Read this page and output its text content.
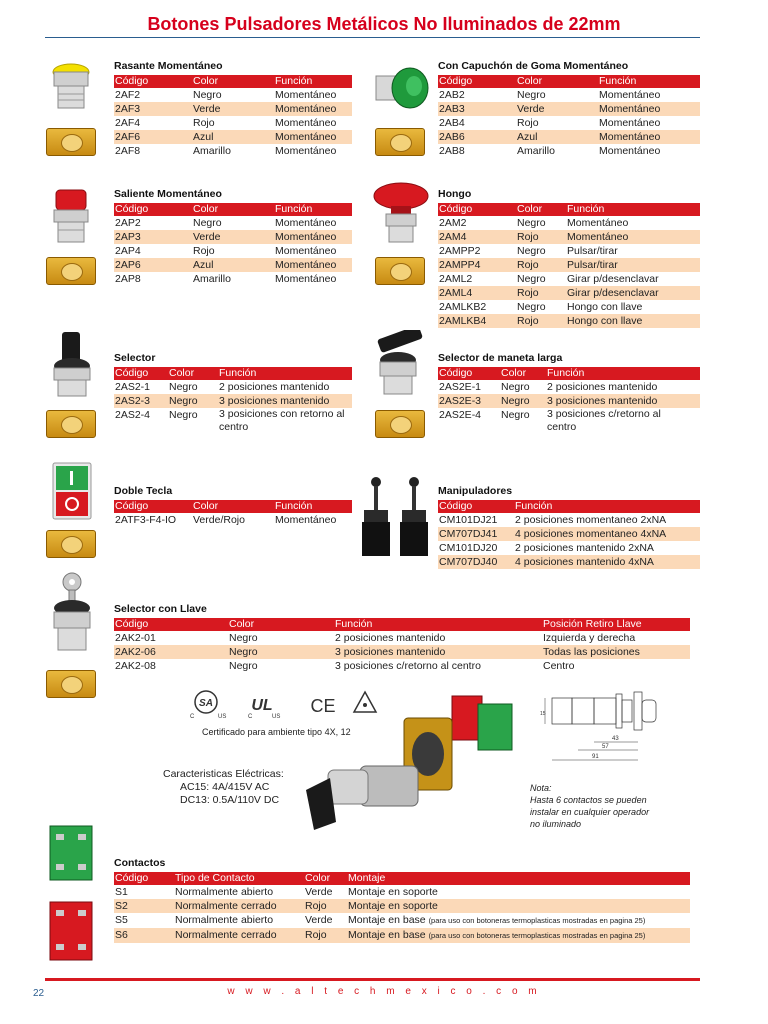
Botones Pulsadores Metálicos No Iluminados de 22mm
Rasante Momentáneo
Código	Color	Función
2AF2	Negro	Momentáneo
2AF3	Verde	Momentáneo
2AF4	Rojo	Momentáneo
2AF6	Azul	Momentáneo
2AF8	Amarillo	Momentáneo
Con Capuchón de Goma Momentáneo
Código	Color	Función
2AB2	Negro	Momentáneo
2AB3	Verde	Momentáneo
2AB4	Rojo	Momentáneo
2AB6	Azul	Momentáneo
2AB8	Amarillo	Momentáneo
Saliente Momentáneo
Código	Color	Función
2AP2	Negro	Momentáneo
2AP3	Verde	Momentáneo
2AP4	Rojo	Momentáneo
2AP6	Azul	Momentáneo
2AP8	Amarillo	Momentáneo
Hongo
Código	Color	Función
2AM2	Negro	Momentáneo
2AM4	Rojo	Momentáneo
2AMPP2	Negro	Pulsar/tirar
2AMPP4	Rojo	Pulsar/tirar
2AML2	Negro	Girar p/desenclavar
2AML4	Rojo	Girar p/desenclavar
2AMLKB2	Negro	Hongo con llave
2AMLKB4	Rojo	Hongo con llave
Selector
Código	Color	Función
2AS2-1	Negro	2 posiciones mantenido
2AS2-3	Negro	3 posiciones mantenido
2AS2-4	Negro	3 posiciones con retorno al centro
Selector de maneta larga
Código	Color	Función
2AS2E-1	Negro	2 posiciones mantenido
2AS2E-3	Negro	3 posiciones mantenido
2AS2E-4	Negro	3 posiciones c/retorno al centro
Doble Tecla
Código	Color	Función
2ATF3-F4-IO	Verde/Rojo	Momentáneo
Manipuladores
Código	Función
CM101DJ21	2 posiciones momentaneo 2xNA
CM707DJ41	4 posiciones momentaneo 4xNA
CM101DJ20	2 posiciones mantenido 2xNA
CM707DJ40	4 posiciones mantenido 4xNA
Selector con Llave
Código	Color	Función	Posición Retiro Llave
2AK2-01	Negro	2 posiciones mantenido	Izquierda y derecha
2AK2-06	Negro	3 posiciones mantenido	Todas las posiciones
2AK2-08	Negro	3 posiciones c/retorno al centro	Centro
SA
C	US
UL
C	US
CE
Certificado para ambiente tipo 4X, 12
Caracteristicas Eléctricas:
AC15: 4A/415V AC
DC13: 0.5A/110V DC
15
43
57
91
Nota:
Hasta 6 contactos se pueden instalar en cualquier operador no iluminado
Contactos
Código	Tipo de Contacto	Color	Montaje
S1	Normalmente abierto	Verde	Montaje en soporte
S2	Normalmente cerrado	Rojo	Montaje en soporte
S5	Normalmente abierto	Verde	Montaje en base (para uso con botoneras termoplasticas mostradas en pagina 25)
S6	Normalmente cerrado	Rojo	Montaje en base (para uso con botoneras termoplasticas mostradas en pagina 25)
22	w w w . a l t e c h m e x i c o . c o m
